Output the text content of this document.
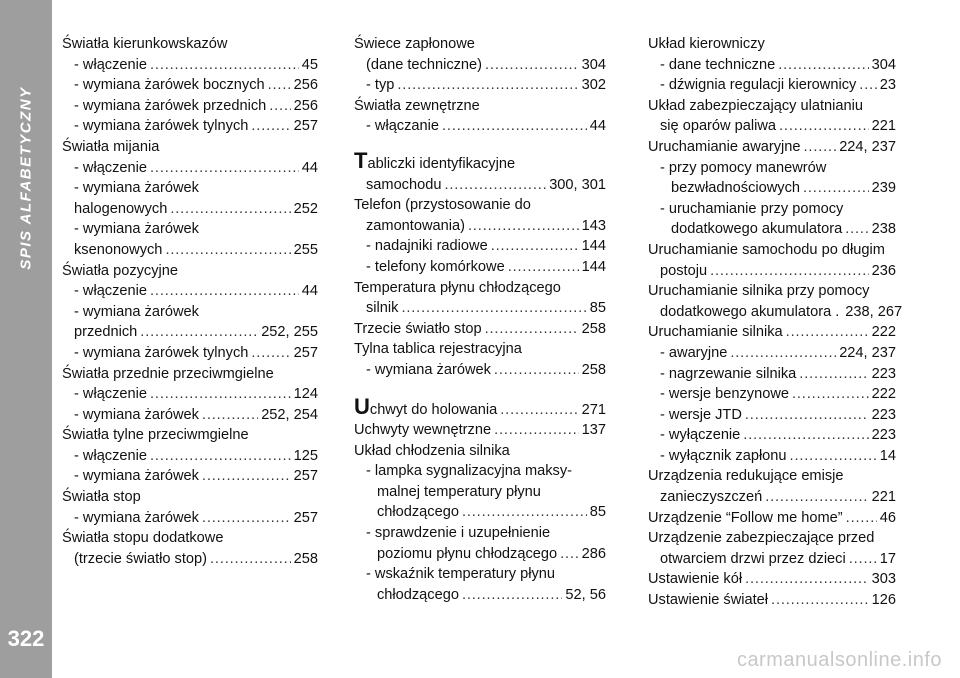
SPIS ALFABETYCZNY
322
Światła kierunkowskazów
- włączenie . . .	45
- wymiana żarówek bocznych . . . 256
- wymiana żarówek przednich . . . 256
- wymiana żarówek tylnych . . .	257
Światła mijania
- włączenie . . .	44
- wymiana żarówek
halogenowych . . .	252
- wymiana żarówek
ksenonowych . . .	255
Światła pozycyjne
- włączenie . . .	44
- wymiana żarówek
przednich . . .	252, 255
- wymiana żarówek tylnych . . .	257
Światła przednie przeciwmgielne
- włączenie . . .	124
- wymiana żarówek . . .	252, 254
Światła tylne przeciwmgielne
- włączenie . . .	125
- wymiana żarówek . . .	257
Światła stop
- wymiana żarówek . . .	257
Światła stopu dodatkowe
(trzecie światło stop) . . .	258
Świece zapłonowe
(dane techniczne) . . .	304
- typ . . .	302
Światła zewnętrzne
- włączanie . . .	44
Tabliczki identyfikacyjne
samochodu . . .	300, 301
Telefon (przystosowanie do
zamontowania) . . .	143
- nadajniki radiowe . . .	144
- telefony komórkowe . . .	144
Temperatura płynu chłodzącego
silnik . . .	85
Trzecie światło stop . . .	258
Tylna tablica rejestracyjna
- wymiana żarówek . . .	258
Uchwyt do holowania . . .	271
Uchwyty wewnętrzne . . .	137
Układ chłodzenia silnika
- lampka sygnalizacyjna maksy-
malnej temperatury płynu
chłodzącego . . .	85
- sprawdzenie i uzupełnienie
poziomu płynu chłodzącego . . . 286
- wskaźnik temperatury płynu
chłodzącego . . .	52, 56
Układ kierowniczy
- dane techniczne . . .	304
- dźwignia regulacji kierownicy . . . 23
Układ zabezpieczający ulatnianiu
się oparów paliwa . . .	221
Uruchamianie awaryjne . . .	224, 237
- przy pomocy manewrów
bezwładnościowych . . .	239
- uruchamianie przy pomocy
dodatkowego akumulatora . . . 238
Uruchamianie samochodu po długim
postoju . . .	236
Uruchamianie silnika przy pomocy
dodatkowego akumulatora . 238, 267
Uruchamianie silnika . . .	222
- awaryjne . . .	224, 237
- nagrzewanie silnika . . .	223
- wersje benzynowe . . .	222
- wersje JTD . . .	223
- wyłączenie . . .	223
- wyłącznik zapłonu . . .	14
Urządzenia redukujące emisje
zanieczyszczeń . . .	221
Urządzenie “Follow me home” . . .	46
Urządzenie zabezpieczające przed
otwarciem drzwi przez dzieci . . . 17
Ustawienie kół . . .	303
Ustawienie świateł . . .	126
carmanualsonline.info
